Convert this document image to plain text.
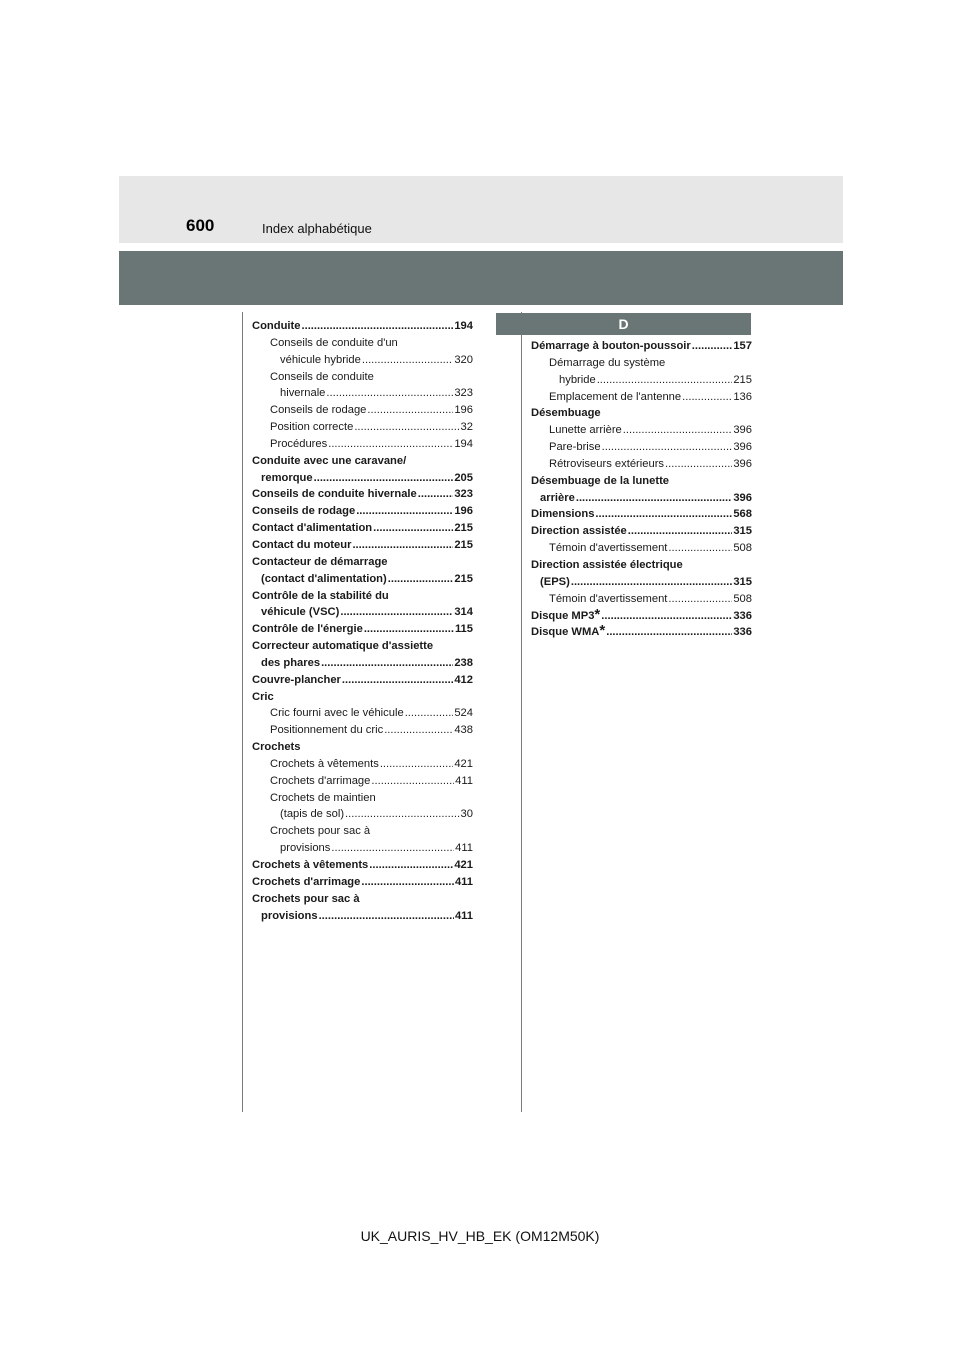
600	Index alphabétique
Conduite .....	194
Conseils de conduite d'un
véhicule hybride .....	320
Conseils de conduite
hivernale .....	323
Conseils de rodage .....	196
Position correcte .....	32
Procédures .....	194
Conduite avec une caravane/
remorque .....	205
Conseils de conduite hivernale .....	323
Conseils de rodage .....	196
Contact d'alimentation .....	215
Contact du moteur .....	215
Contacteur de démarrage
(contact d'alimentation) .....	215
Contrôle de la stabilité du
véhicule (VSC) .....	314
Contrôle de l'énergie .....	115
Correcteur automatique d'assiette
des phares .....	238
Couvre-plancher .....	412
Cric
Cric fourni avec le véhicule .....	524
Positionnement du cric .....	438
Crochets
Crochets à vêtements .....	421
Crochets d'arrimage .....	411
Crochets de maintien
(tapis de sol) .....	30
Crochets pour sac à
provisions .....	411
Crochets à vêtements .....	421
Crochets d'arrimage .....	411
Crochets pour sac à
provisions .....	411
D
Démarrage à bouton-poussoir .....	157
Démarrage du système
hybride .....	215
Emplacement de l'antenne .....	136
Désembuage
Lunette arrière .....	396
Pare-brise .....	396
Rétroviseurs extérieurs .....	396
Désembuage de la lunette
arrière .....	396
Dimensions .....	568
Direction assistée .....	315
Témoin d'avertissement .....	508
Direction assistée électrique
(EPS) .....	315
Témoin d'avertissement .....	508
Disque MP3 * .....	336
Disque WMA * .....	336
UK_AURIS_HV_HB_EK (OM12M50K)
